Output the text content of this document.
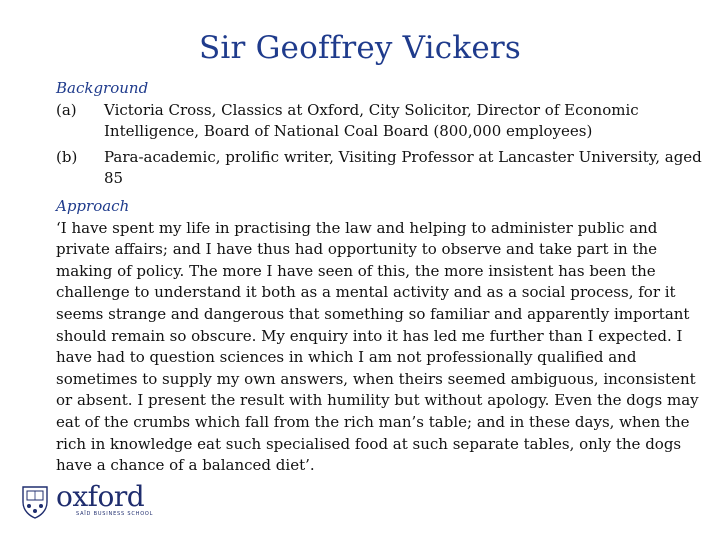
Sir Geoffrey Vickers
Background
(a)	Victoria Cross, Classics at Oxford, City Solicitor, Director of Economic Intelligence, Board of National Coal Board (800,000 employees)
(b)	Para-academic, prolific writer, Visiting Professor at Lancaster University, aged 85
Approach
‘I have spent my life in practising the law and helping to administer public and private affairs; and I have thus had opportunity to observe and take part in the making of policy. The more I have seen of this, the more insistent has been the challenge to understand it both as a mental activity and as a social process, for it seems strange and dangerous that something so familiar and apparently important should remain so obscure. My enquiry into it has led me further than I expected. I have had to question sciences in which I am not professionally qualified and sometimes to supply my own answers, when theirs seemed ambiguous, inconsistent or absent. I present the result with humility but without apology. Even the dogs may eat of the crumbs which fall from the rich man’s table; and in these days, when the rich in knowledge eat such specialised food at such separate tables, only the dogs have a chance of a balanced diet’.
oxford
SAÏD BUSINESS SCHOOL
